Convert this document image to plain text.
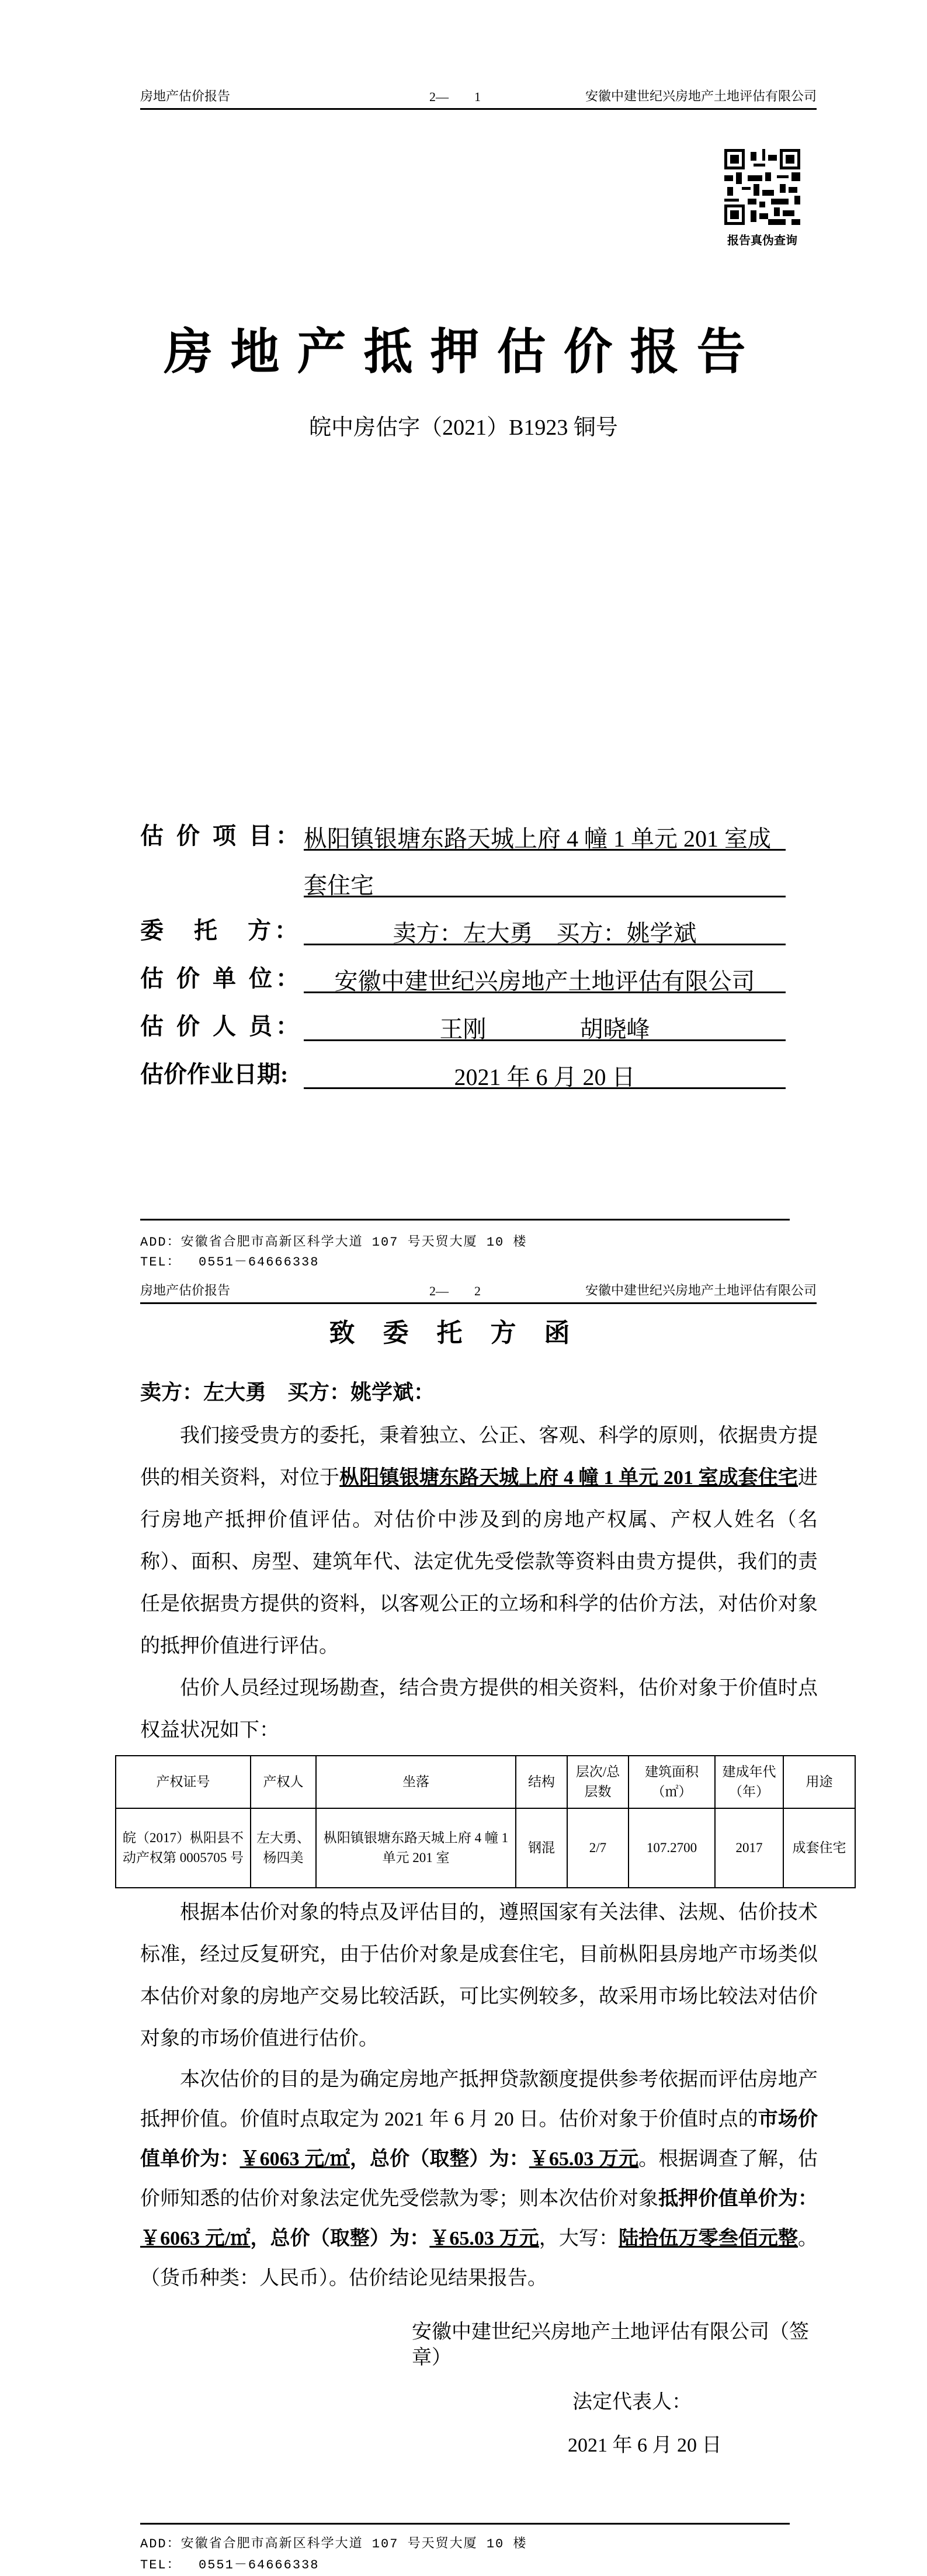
房地产估价报告	2—        1	安徽中建世纪兴房地产土地评估有限公司
报告真伪查询
房地产抵押估价报告
皖中房估字（2021）B1923 铜号
估 价 项 目： 枞阳镇银塘东路天城上府 4 幢 1 单元 201 室成
套住宅
委　托　方：	卖方：左大勇　买方：姚学斌
估 价 单 位：	安徽中建世纪兴房地产土地评估有限公司
估 价 人 员：	王刚　　　　胡晓峰
估价作业日期:	2021 年 6 月 20 日
ADD：安徽省合肥市高新区科学大道 107 号天贸大厦 10 楼
TEL：  0551－64666338
房地产估价报告	2—        2	安徽中建世纪兴房地产土地评估有限公司
致委托方函
卖方：左大勇　买方：姚学斌：
我们接受贵方的委托，秉着独立、公正、客观、科学的原则，依据贵方提供的相关资料，对位于枞阳镇银塘东路天城上府 4 幢 1 单元 201 室成套住宅进行房地产抵押价值评估。对估价中涉及到的房地产权属、产权人姓名（名称）、面积、房型、建筑年代、法定优先受偿款等资料由贵方提供，我们的责任是依据贵方提供的资料，以客观公正的立场和科学的估价方法，对估价对象的抵押价值进行评估。
估价人员经过现场勘查，结合贵方提供的相关资料，估价对象于价值时点权益状况如下：
产权证号	产权人	坐落	结构	层次/总层数	建筑面积（㎡）	建成年代（年）	用途
皖（2017）枞阳县不动产权第 0005705 号	左大勇、杨四美	枞阳镇银塘东路天城上府 4 幢 1 单元 201 室	钢混	2/7	107.2700	2017	成套住宅
根据本估价对象的特点及评估目的，遵照国家有关法律、法规、估价技术标准，经过反复研究，由于估价对象是成套住宅，目前枞阳县房地产市场类似本估价对象的房地产交易比较活跃，可比实例较多，故采用市场比较法对估价对象的市场价值进行估价。
本次估价的目的是为确定房地产抵押贷款额度提供参考依据而评估房地产抵押价值。价值时点取定为 2021 年 6 月 20 日。估价对象于价值时点的市场价值单价为：￥6063 元/㎡，总价（取整）为：￥65.03 万元。根据调查了解，估价师知悉的估价对象法定优先受偿款为零；则本次估价对象抵押价值单价为：￥6063 元/㎡，总价（取整）为：￥65.03 万元，大写：陆拾伍万零叁佰元整。（货币种类：人民币）。估价结论见结果报告。
安徽中建世纪兴房地产土地评估有限公司（签章）
法定代表人：
2021 年 6 月 20 日
ADD：安徽省合肥市高新区科学大道 107 号天贸大厦 10 楼
TEL：  0551－64666338
